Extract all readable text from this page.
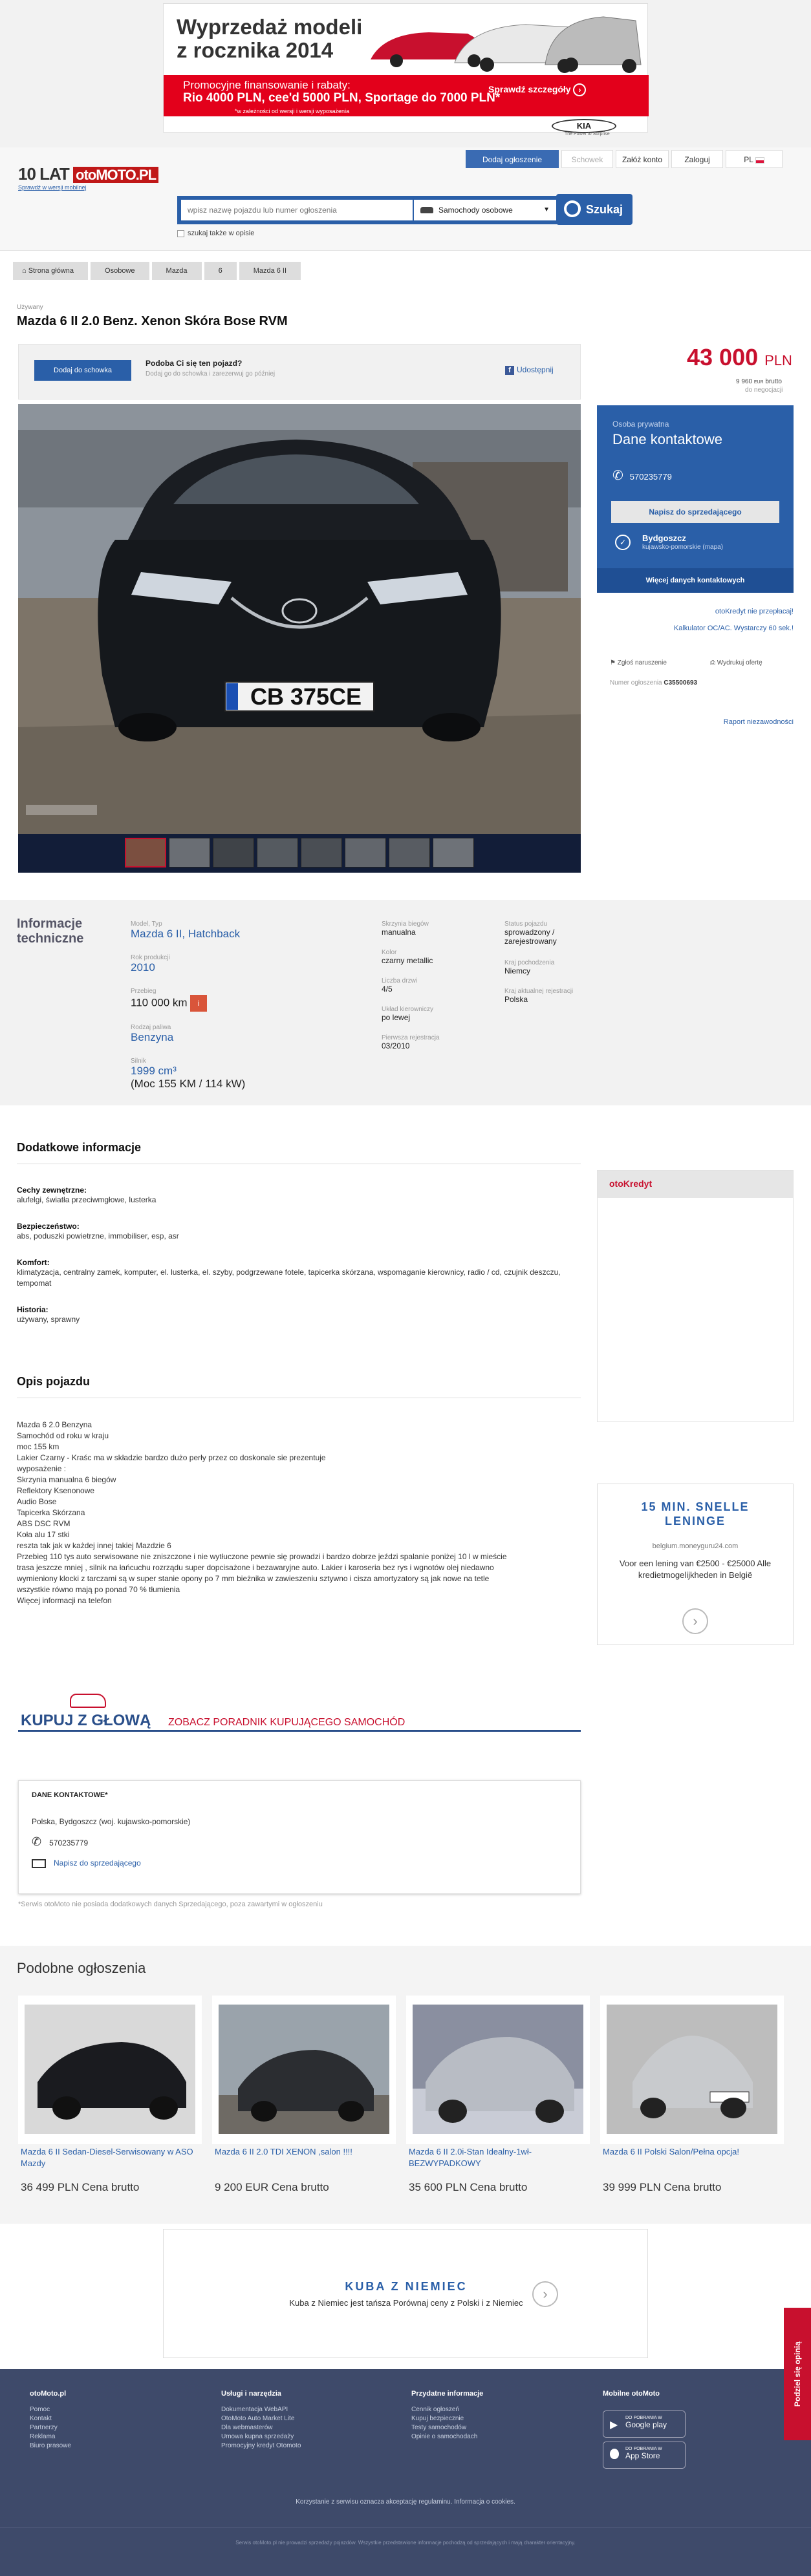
Wyprzedaż modeli
z rocznika 2014
Promocyjne finansowanie i rabaty:
Rio 4000 PLN, cee'd 5000 PLN, Sportage do 7000 PLN*
*w zależności od wersji i wersji wyposażenia
Sprawdź szczegóły ›
KIA
The Power to Surprise
10 LAT otoMOTO.PL
Sprawdź w wersji mobilnej
Dodaj ogłoszenie	Schowek	Załóż konto	Zaloguj	PL
wpisz nazwę pojazdu lub numer ogłoszenia
Samochody osobowe	▼	Szukaj
szukaj także w opisie
⌂ Strona główna	Osobowe	Mazda	6	Mazda 6 II
Używany
Mazda 6 II 2.0 Benz. Xenon Skóra Bose RVM
43 000 PLN
9 960 EUR brutto
do negocjacji
Dodaj do schowka
Podoba Ci się ten pojazd?
Dodaj go do schowka i zarezerwuj go później	f Udostępnij
CB 375CE
Osoba prywatna
Dane kontaktowe
✆ 570235779
Napisz do sprzedającego
✓	Bydgoszcz
kujawsko-pomorskie (mapa)
Więcej danych kontaktowych
otoKredyt nie przepłacaj!
Kalkulator OC/AC. Wystarczy 60 sek.!
⚑ Zgłoś naruszenie	⎙ Wydrukuj ofertę
Numer ogłoszenia C35500693
Raport niezawodności
Informacje
techniczne
Model, Typ
Mazda 6 II, Hatchback
Rok produkcji
2010
Przebieg
110 000 km i
Rodzaj paliwa
Benzyna
Silnik
1999 cm³
(Moc 155 KM / 114 kW)
Skrzynia biegów
manualna
Kolor
czarny metallic
Liczba drzwi
4/5
Układ kierowniczy
po lewej
Pierwsza rejestracja
03/2010
Status pojazdu
sprowadzony / zarejestrowany
Kraj pochodzenia
Niemcy
Kraj aktualnej rejestracji
Polska
Dodatkowe informacje
Cechy zewnętrzne:
alufelgi, światła przeciwmgłowe, lusterka
Bezpieczeństwo:
abs, poduszki powietrzne, immobiliser, esp, asr
Komfort:
klimatyzacja, centralny zamek, komputer, el. lusterka, el. szyby, podgrzewane fotele, tapicerka skórzana, wspomaganie kierownicy, radio / cd, czujnik deszczu, tempomat
Historia:
używany, sprawny
otoKredyt
Opis pojazdu
Mazda 6 2.0 Benzyna
Samochód od roku w kraju
moc 155 km
Lakier Czarny - Kraśc ma w składzie bardzo dużo perły przez co doskonale sie prezentuje
wyposażenie :
Skrzynia manualna 6 biegów
Reflektory Ksenonowe
Audio Bose
Tapicerka Skórzana
ABS DSC RVM
Koła alu 17 stki
reszta tak jak w każdej innej takiej Mazdzie 6
Przebieg 110 tys auto serwisowane nie zniszczone i nie wytłuczone pewnie się prowadzi i bardzo dobrze jeździ spalanie poniżej 10 l w mieście
trasa jeszcze mniej , silnik na łańcuchu rozrządu super dopcisażone i bezawaryjne auto. Lakier i karoseria bez rys i wgnotów olej niedawno
wymieniony klocki z tarczami są w super stanie opony po 7 mm bieżnika w zawieszeniu sztywno i cisza amortyzatory są jak nowe na tetle
wszystkie równo mają po ponad 70 % tłumienia
Więcej informacji na telefon
15 MIN. SNELLE
LENINGE
belgium.moneyguru24.com
Voor een lening van €2500 - €25000 Alle kredietmogelijkheden in België
›
KUPUJ Z GŁOWĄ ZOBACZ PORADNIK KUPUJĄCEGO SAMOCHÓD
DANE KONTAKTOWE*
Polska, Bydgoszcz (woj. kujawsko-pomorskie)
✆ 570235779
Napisz do sprzedającego
*Serwis otoMoto nie posiada dodatkowych danych Sprzedającego, poza zawartymi w ogłoszeniu
Podobne ogłoszenia
Mazda 6 II Sedan-Diesel-Serwisowany w ASO Mazdy
36 499 PLN Cena brutto
Mazda 6 II 2.0 TDI XENON ,salon !!!!
9 200 EUR Cena brutto
Mazda 6 II 2.0i-Stan Idealny-1wł-BEZWYPADKOWY
35 600 PLN Cena brutto
Mazda 6 II Polski Salon/Pełna opcja!
39 999 PLN Cena brutto
KUBA Z NIEMIEC
Kuba z Niemiec jest tańsza Porównaj ceny z Polski i z Niemiec
›
otoMoto.pl
Pomoc
Kontakt
Partnerzy
Reklama
Biuro prasowe
Usługi i narzędzia
Dokumentacja WebAPI
OtoMoto Auto Market Lite
Dla webmasterów
Umowa kupna sprzedaży
Promocyjny kredyt Otomoto
Przydatne informacje
Cennik ogłoszeń
Kupuj bezpiecznie
Testy samochodów
Opinie o samochodach
Mobilne otoMoto
▶
DO POBRANIA W
Google play
DO POBRANIA W
App Store
Korzystanie z serwisu oznacza akceptację regulaminu. Informacja o cookies.
Serwis otoMoto.pl nie prowadzi sprzedaży pojazdów. Wszystkie przedstawione informacje pochodzą od sprzedających i mają charakter orientacyjny.
Podziel się opinią
